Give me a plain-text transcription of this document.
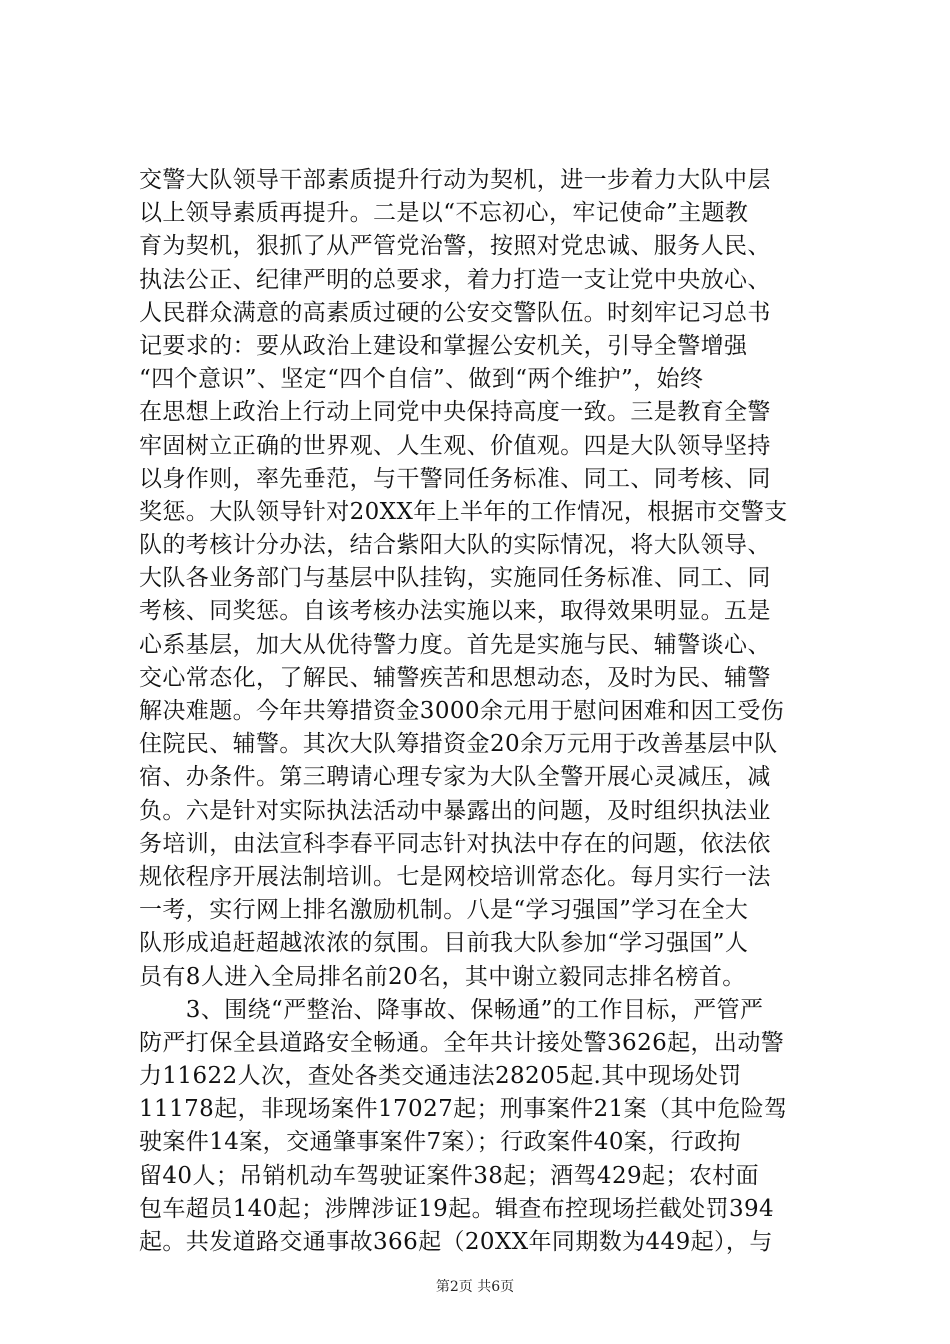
交警大队领导干部素质提升行动为契机，进一步着力大队中层
以上领导素质再提升。二是以“不忘初心，牢记使命”主题教
育为契机，狠抓了从严管党治警，按照对党忠诚、服务人民、
执法公正、纪律严明的总要求，着力打造一支让党中央放心、
人民群众满意的高素质过硬的公安交警队伍。时刻牢记习总书
记要求的：要从政治上建设和掌握公安机关，引导全警增强
“四个意识”、坚定“四个自信”、做到“两个维护”，始终
在思想上政治上行动上同党中央保持高度一致。三是教育全警
牢固树立正确的世界观、人生观、价值观。四是大队领导坚持
以身作则，率先垂范，与干警同任务标准、同工、同考核、同
奖惩。大队领导针对20XX年上半年的工作情况，根据市交警支
队的考核计分办法，结合紫阳大队的实际情况，将大队领导、
大队各业务部门与基层中队挂钩，实施同任务标准、同工、同
考核、同奖惩。自该考核办法实施以来，取得效果明显。五是
心系基层，加大从优待警力度。首先是实施与民、辅警谈心、
交心常态化，了解民、辅警疾苦和思想动态，及时为民、辅警
解决难题。今年共筹措资金3000余元用于慰问困难和因工受伤
住院民、辅警。其次大队筹措资金20余万元用于改善基层中队
宿、办条件。第三聘请心理专家为大队全警开展心灵减压，减
负。六是针对实际执法活动中暴露出的问题，及时组织执法业
务培训，由法宣科李春平同志针对执法中存在的问题，依法依
规依程序开展法制培训。七是网校培训常态化。每月实行一法
一考，实行网上排名激励机制。八是“学习强国”学习在全大
队形成追赶超越浓浓的氛围。目前我大队参加“学习强国”人
员有8人进入全局排名前20名，其中谢立毅同志排名榜首。
　　3、围绕“严整治、降事故、保畅通”的工作目标，严管严
防严打保全县道路安全畅通。全年共计接处警3626起，出动警
力11622人次，查处各类交通违法28205起.其中现场处罚
11178起，非现场案件17027起；刑事案件21案（其中危险驾
驶案件14案，交通肇事案件7案）；行政案件40案，行政拘
留40人；吊销机动车驾驶证案件38起；酒驾429起；农村面
包车超员140起；涉牌涉证19起。辑查布控现场拦截处罚394
起。共发道路交通事故366起（20XX年同期数为449起），与
第2页 共6页
